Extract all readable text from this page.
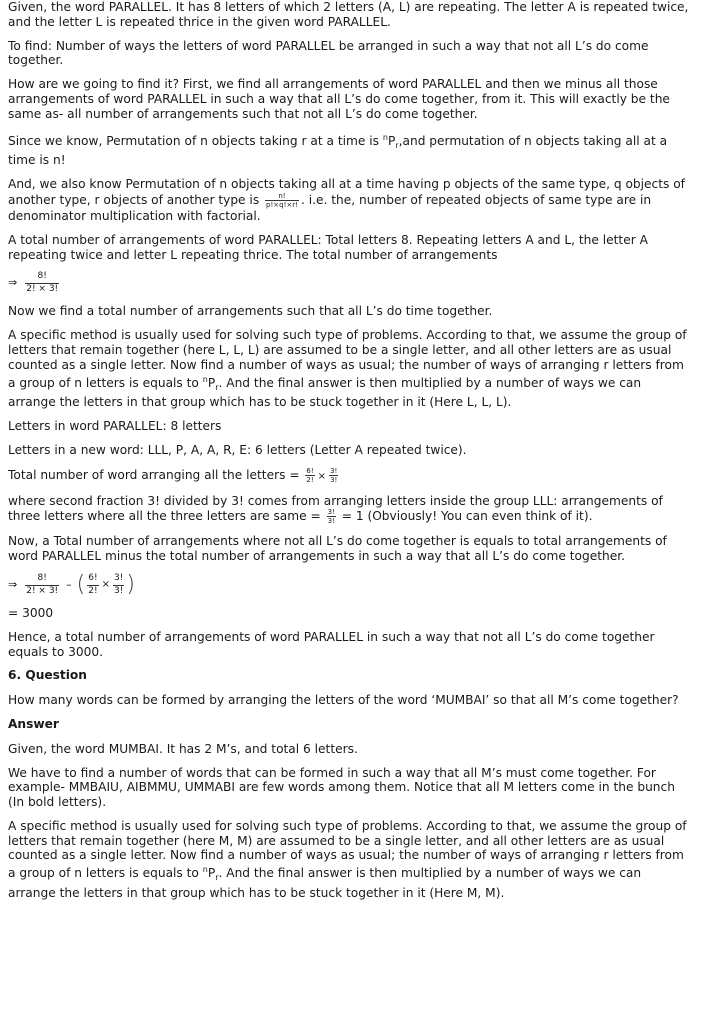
Given, the word PARALLEL. It has 8 letters of which 2 letters (A, L) are repeating. The letter A is repeated twice, and the letter L is repeated thrice in the given word PARALLEL.

To find: Number of ways the letters of word PARALLEL be arranged in such a way that not all L’s do come together.

How are we going to find it? First, we find all arrangements of word PARALLEL and then we minus all those arrangements of word PARALLEL in such a way that all L’s do come together, from it. This will exactly be the same as- all number of arrangements such that not all L’s do come together.

Since we know, Permutation of n objects taking r at a time is $^nP_r,and$ permutation of n objects taking all at a time is n!

And, we also know Permutation of n objects taking all at a time having p objects of the same type, q objects of another type, r objects of another type is $\frac{n!}{p!\times q!\times r!}$ . i.e. the, number of repeated objects of same type are in denominator multiplication with factorial.

A total number of arrangements of word PARALLEL: Total letters 8. Repeating letters A and L, the letter A repeating twice and letter L repeating thrice. The total number of arrangements

⇒ $\frac{8!}{2! \times 3!}$

Now we find a total number of arrangements such that all L’s do time together.

A specific method is usually used for solving such type of problems. According to that, we assume the group of letters that remain together (here L, L, L) are assumed to be a single letter, and all other letters are as usual counted as a single letter. Now find a number of ways as usual; the number of ways of arranging r letters from a group of n letters is equals to $^nP_r$. And the final answer is then multiplied by a number of ways we can arrange the letters in that group which has to be stuck together in it (Here L, L, L).

Letters in word PARALLEL: 8 letters

Letters in a new word: LLL, P, A, A, R, E: 6 letters (Letter A repeated twice).

Total number of word arranging all the letters = $\frac{6!}{2!} \times \frac{3!}{3!}$

where second fraction 3! divided by 3! comes from arranging letters inside the group LLL: arrangements of three letters where all the three letters are same = $\frac{3!}{3!} = 1$ (Obviously! You can even think of it).

Now, a Total number of arrangements where not all L’s do come together is equals to total arrangements of word PARALLEL minus the total number of arrangements in such a way that all L’s do come together.

⇒ $\frac{8!}{2! \times 3!}$ – ( $\frac{6!}{2!} \times \frac{3!}{3!}$ )

= 3000

Hence, a total number of arrangements of word PARALLEL in such a way that not all L’s do come together equals to 3000.

6. Question

How many words can be formed by arranging the letters of the word ‘MUMBAI’ so that all M’s come together?

Answer

Given, the word MUMBAI. It has 2 M’s, and total 6 letters.

We have to find a number of words that can be formed in such a way that all M’s must come together. For example- MMBAIU, AIBMMU, UMMABI are few words among them. Notice that all M letters come in the bunch (In bold letters).

A specific method is usually used for solving such type of problems. According to that, we assume the group of letters that remain together (here M, M) are assumed to be a single letter, and all other letters are as usual counted as a single letter. Now find a number of ways as usual; the number of ways of arranging r letters from a group of n letters is equals to $^nP_r$. And the final answer is then multiplied by a number of ways we can arrange the letters in that group which has to be stuck together in it (Here M, M).
